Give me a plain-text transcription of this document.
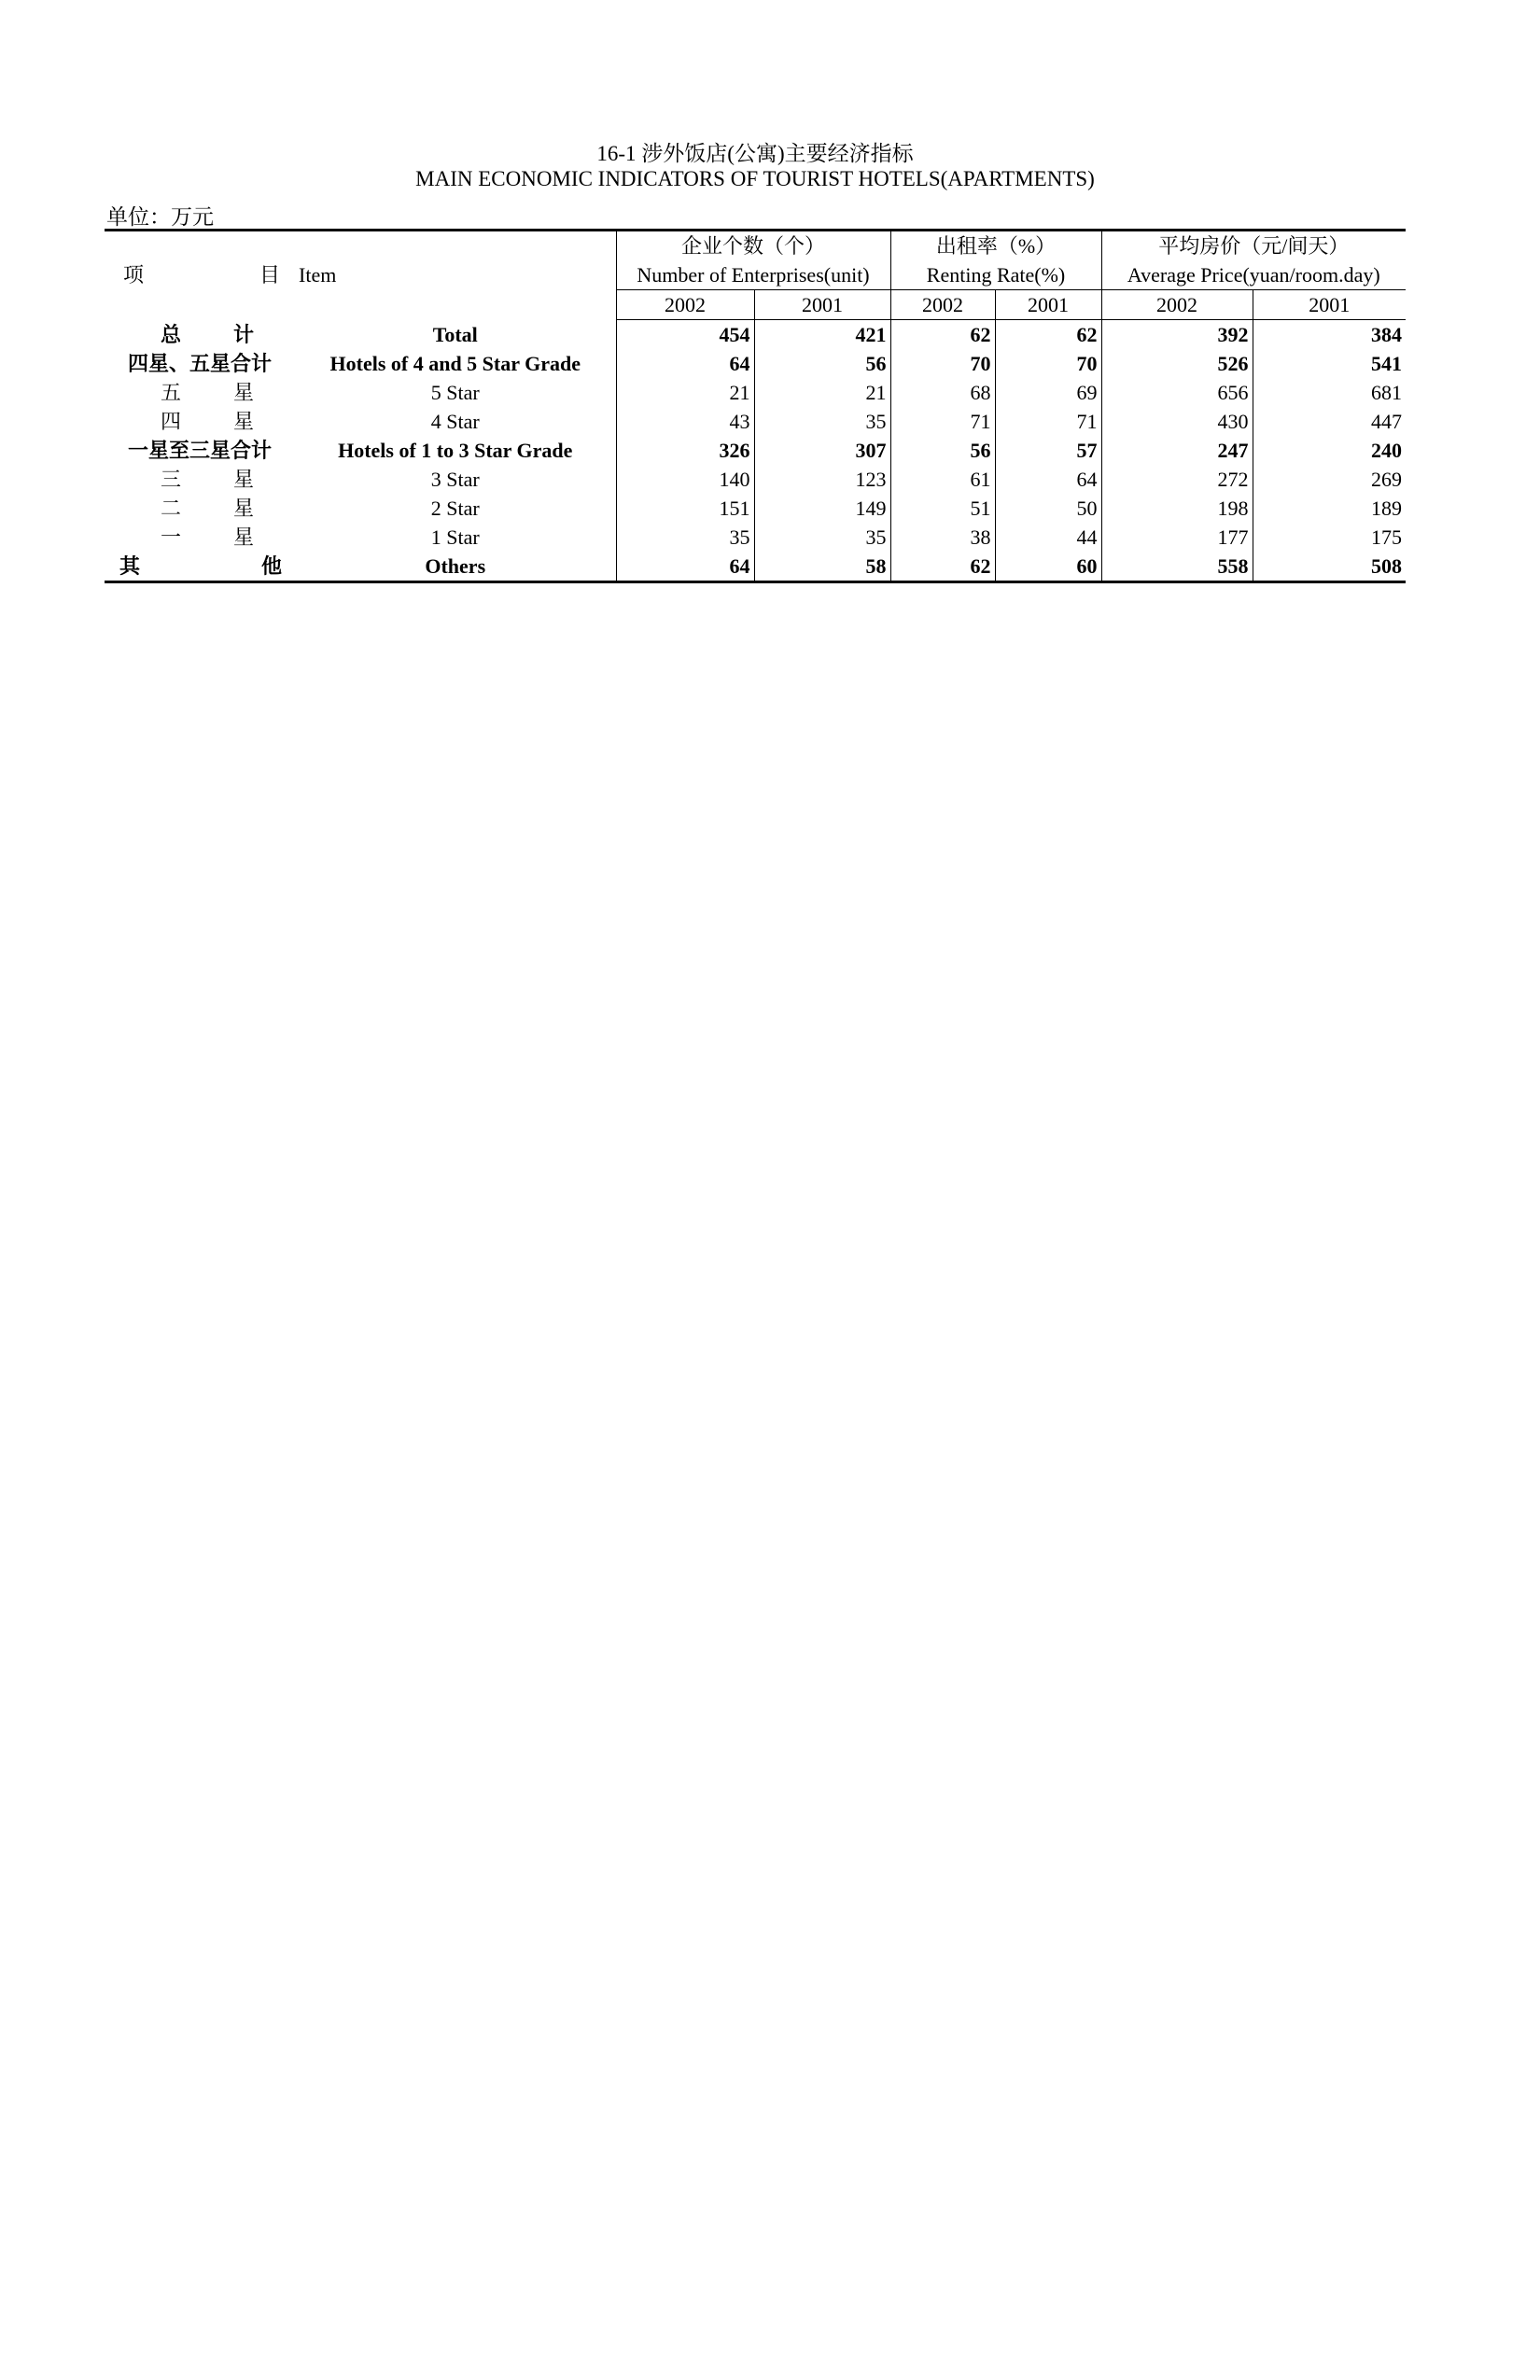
16-1 涉外饭店(公寓)主要经济指标
MAIN ECONOMIC INDICATORS OF TOURIST HOTELS(APARTMENTS)
单位：万元
		企业个数（个）		出租率（%）		平均房价（元/间天）	

项 目	Item	Number of Enterprises(unit)		Renting Rate(%)		Average Price(yuan/room.day)	
		2002	2001	2002	2001	2002	2001

总 计	Total	454	421	62	62	392	384

四星、五星合计	Hotels of 4 and 5 Star Grade	64	56	70	70	526	541

五 星	5 Star	21	21	68	69	656	681

四 星	4 Star	43	35	71	71	430	447

一星至三星合计	Hotels of 1 to 3 Star Grade	326	307	56	57	247	240

三 星	3 Star	140	123	61	64	272	269

二 星	2 Star	151	149	51	50	198	189

一 星	1 Star	35	35	38	44	177	175

其 他	Others	64	58	62	60	558	508
